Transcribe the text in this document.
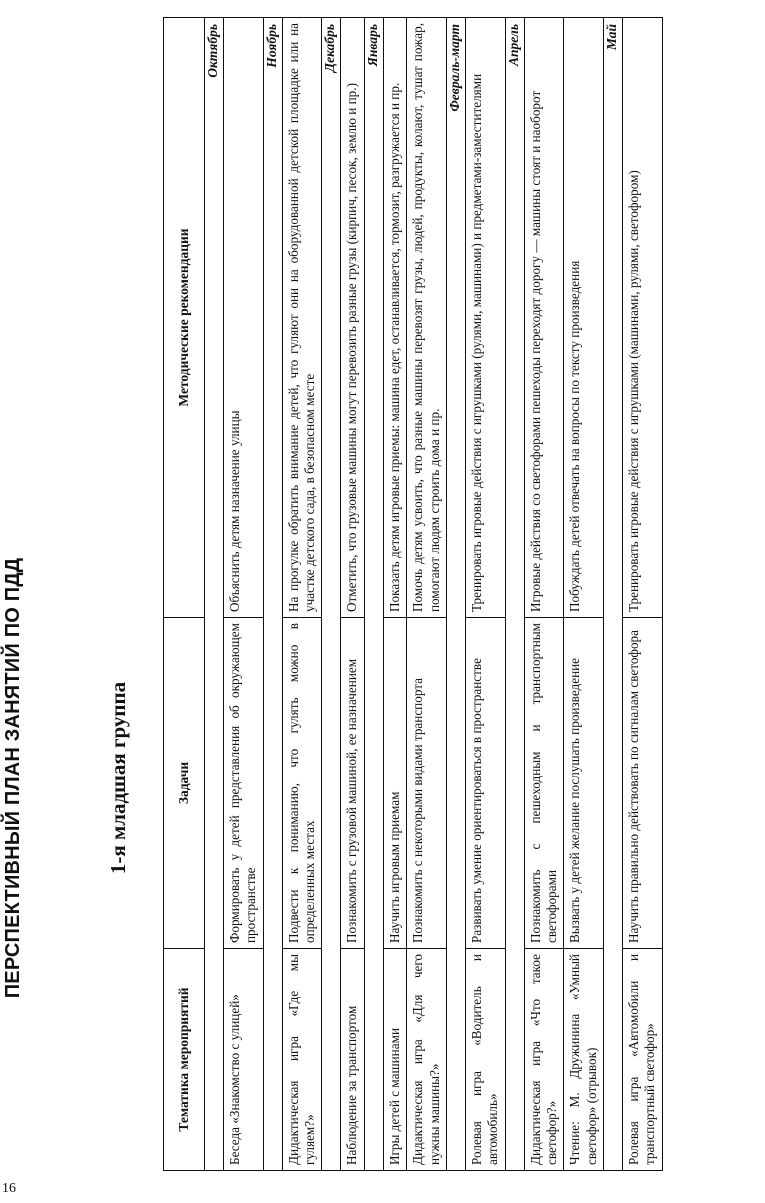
16
ПЕРСПЕКТИВНЫЙ ПЛАН ЗАНЯТИЙ ПО ПДД	1-я младшая группа
Тематика мероприятий	Задачи	Методические рекомендации
Октябрь		
Беседа «Знакомство с улицей»	Формировать у детей представления об окружающем пространстве	Объяснить детям назначение улицы
Ноябрь		
Дидактическая игра «Где мы гуляем?»	Подвести к пониманию, что гулять можно в определенных местах	На прогулке обратить внимание детей, что гуляют они на оборудованной детской площадке или на участке детского сада, в безопасном месте
Декабрь		
Наблюдение за транспортом	Познакомить с грузовой машиной, ее назначением	Отметить, что грузовые машины могут перевозить разные грузы (кирпич, песок, землю и пр.)
Январь		
Игры детей с машинами	Научить игровым приемам	Показать детям игровые приемы: машина едет, останавливается, тормозит, разгружается и пр.
Дидактическая игра «Для чего нужны машины?»	Познакомить с некоторыми видами транспорта	Помочь детям усвоить, что разные машины перевозят грузы, людей, продукты, колают, тушат пожар, помогают людям строить дома и пр.
Февраль-март		
Ролевая игра «Водитель и автомобиль»	Развивать умение ориентироваться в пространстве	Тренировать игровые действия с игрушками (рулями, машинами) и предметами-заместителями
Апрель		
Дидактическая игра «Что такое светофор?»	Познакомить с пешеходным и транспортным светофорами	Игровые действия со светофорами пешеходы переходят дорогу — машины стоят и наоборот
Чтение: М. Дружинина «Умный светофор» (отрывок)	Вызвать у детей желание послушать произведение	Побуждать детей отвечать на вопросы по тексту произведения
Май		
Ролевая игра «Автомобили и транспортный светофор»	Научить правильно действовать по сигналам светофора	Тренировать игровые действия с игрушками (машинами, рулями, светофором)
